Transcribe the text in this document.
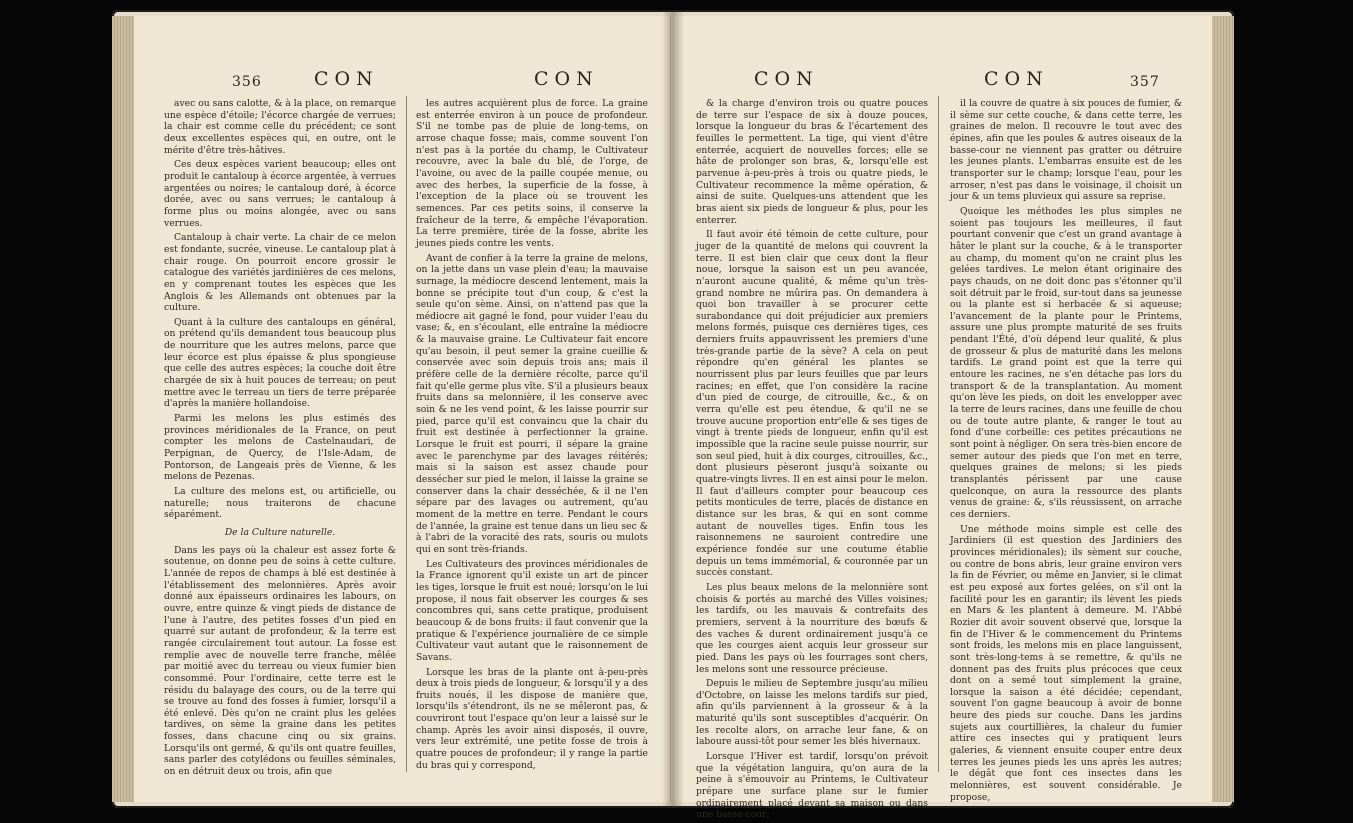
356	CON	CON

avec ou sans calotte, & à la place, on remarque une espèce d'étoile; l'écorce chargée de verrues; la chair est comme celle du précédent; ce sont deux excellentes espèces qui, en outre, ont le mérite d'être très-hâtives.

Ces deux espèces varient beaucoup; elles ont produit le cantaloup à écorce argentée, à verrues argentées ou noires; le cantaloup doré, à écorce dorée, avec ou sans verrues; le cantaloup à forme plus ou moins alongée, avec ou sans verrues.

Cantaloup à chair verte. La chair de ce melon est fondante, sucrée, vineuse. Le cantaloup plat à chair rouge. On pourroit encore grossir le catalogue des variétés jardinières de ces melons, en y comprenant toutes les espèces que les Anglois & les Allemands ont obtenues par la culture.

Quant à la culture des cantaloups en général, on prétend qu'ils demandent tous beaucoup plus de nourriture que les autres melons, parce que leur écorce est plus épaisse & plus spongieuse que celle des autres espèces; la couche doit être chargée de six à huit pouces de terreau; on peut mettre avec le terreau un tiers de terre préparée d'après la manière hollandoise.

Parmi les melons les plus estimés des provinces méridionales de la France, on peut compter les melons de Castelnaudari, de Perpignan, de Quercy, de l'Isle-Adam, de Pontorson, de Langeais près de Vienne, & les melons de Pezenas.

La culture des melons est, ou artificielle, ou naturelle; nous traiterons de chacune séparément.

De la Culture naturelle.

Dans les pays où la chaleur est assez forte & soutenue, on donne peu de soins à cette culture. L'année de repos de champs à blé est destinée à l'établissement des melonnières. Après avoir donné aux épaisseurs ordinaires les labours, on ouvre, entre quinze & vingt pieds de distance de l'une à l'autre, des petites fosses d'un pied en quarré sur autant de profondeur, & la terre est rangée circulairement tout autour. La fosse est remplie avec de nouvelle terre franche, mêlée par moitié avec du terreau ou vieux fumier bien consommé. Pour l'ordinaire, cette terre est le résidu du balayage des cours, ou de la terre qui se trouve au fond des fosses à fumier, lorsqu'il a été enlevé. Dès qu'on ne craint plus les gelées tardives, on sème la graine dans les petites fosses, dans chacune cinq ou six grains. Lorsqu'ils ont germé, & qu'ils ont quatre feuilles, sans parler des cotylédons ou feuilles séminales, on en détruit deux ou trois, afin que

les autres acquièrent plus de force. La graine est enterrée environ à un pouce de profondeur. S'il ne tombe pas de pluie de long-tems, on arrose chaque fosse; mais, comme souvent l'on n'est pas à la portée du champ, le Cultivateur recouvre, avec la bale du blé, de l'orge, de l'avoine, ou avec de la paille coupée menue, ou avec des herbes, la superficie de la fosse, à l'exception de la place où se trouvent les semences. Par ces petits soins, il conserve la fraîcheur de la terre, & empêche l'évaporation. La terre première, tirée de la fosse, abrite les jeunes pieds contre les vents.

Avant de confier à la terre la graine de melons, on la jette dans un vase plein d'eau; la mauvaise surnage, la médiocre descend lentement, mais la bonne se précipite tout d'un coup, & c'est la seule qu'on sème. Ainsi, on n'attend pas que la médiocre ait gagné le fond, pour vuider l'eau du vase; &, en s'écoulant, elle entraîne la médiocre & la mauvaise graine. Le Cultivateur fait encore qu'au besoin, il peut semer la graine cueillie & conservée avec soin depuis trois ans; mais il préfère celle de la dernière récolte, parce qu'il fait qu'elle germe plus vîte. S'il a plusieurs beaux fruits dans sa melonnière, il les conserve avec soin & ne les vend point, & les laisse pourrir sur pied, parce qu'il est convaincu que la chair du fruit est destinée à perfectionner la graine. Lorsque le fruit est pourri, il sépare la graine avec le parenchyme par des lavages réitérés; mais si la saison est assez chaude pour dessécher sur pied le melon, il laisse la graine se conserver dans la chair desséchée, & il ne l'en sépare par des lavages ou autrement, qu'au moment de la mettre en terre. Pendant le cours de l'année, la graine est tenue dans un lieu sec & à l'abri de la voracité des rats, souris ou mulots qui en sont très-friands.

Les Cultivateurs des provinces méridionales de la France ignorent qu'il existe un art de pincer les tiges, lorsque le fruit est noué; lorsqu'on le lui propose, il nous fait observer les courges & ses concombres qui, sans cette pratique, produisent beaucoup & de bons fruits: il faut convenir que la pratique & l'expérience journalière de ce simple Cultivateur vaut autant que le raisonnement de Savans.

Lorsque les bras de la plante ont à-peu-près deux à trois pieds de longueur, & lorsqu'il y a des fruits noués, il les dispose de manière que, lorsqu'ils s'étendront, ils ne se mêleront pas, & couvriront tout l'espace qu'on leur a laissé sur le champ. Après les avoir ainsi disposés, il ouvre, vers leur extrémité, une petite fosse de trois à quatre pouces de profondeur; il y range la partie du bras qui y correspond,

CON	CON	357

& la charge d'environ trois ou quatre pouces de terre sur l'espace de six à douze pouces, lorsque la longueur du bras & l'écartement des feuilles le permettent. La tige, qui vient d'être enterrée, acquiert de nouvelles forces; elle se hâte de prolonger son bras, &, lorsqu'elle est parvenue à-peu-près à trois ou quatre pieds, le Cultivateur recommence la même opération, & ainsi de suite. Quelques-uns attendent que les bras aient six pieds de longueur & plus, pour les enterrer.

Il faut avoir été témoin de cette culture, pour juger de la quantité de melons qui couvrent la terre. Il est bien clair que ceux dont la fleur noue, lorsque la saison est un peu avancée, n'auront aucune qualité, & même qu'un très-grand nombre ne mûrira pas. On demandera à quoi bon travailler à se procurer cette surabondance qui doit préjudicier aux premiers melons formés, puisque ces dernières tiges, ces derniers fruits appauvrissent les premiers d'une très-grande partie de la sève? A cela on peut répondre qu'en général les plantes se nourrissent plus par leurs feuilles que par leurs racines; en effet, que l'on considère la racine d'un pied de courge, de citrouille, &c., & on verra qu'elle est peu étendue, & qu'il ne se trouve aucune proportion entr'elle & ses tiges de vingt à trente pieds de longueur, enfin qu'il est impossible que la racine seule puisse nourrir, sur son seul pied, huit à dix courges, citrouilles, &c., dont plusieurs pèseront jusqu'à soixante ou quatre-vingts livres. Il en est ainsi pour le melon. Il faut d'ailleurs compter pour beaucoup ces petits monticules de terre, placés de distance en distance sur les bras, & qui en sont comme autant de nouvelles tiges. Enfin tous les raisonnemens ne sauroient contredire une expérience fondée sur une coutume établie depuis un tems immémorial, & couronnée par un succès constant.

Les plus beaux melons de la melonnière sont choisis & portés au marché des Villes voisines; les tardifs, ou les mauvais & contrefaits des premiers, servent à la nourriture des bœufs & des vaches & durent ordinairement jusqu'à ce que les courges aient acquis leur grosseur sur pied. Dans les pays où les fourrages sont chers, les melons sont une ressource précieuse.

Depuis le milieu de Septembre jusqu'au milieu d'Octobre, on laisse les melons tardifs sur pied, afin qu'ils parviennent à la grosseur & à la maturité qu'ils sont susceptibles d'acquérir. On les recolte alors, on arrache leur fane, & on laboure aussi-tôt pour semer les blés hivernaux.

Lorsque l'Hiver est tardif, lorsqu'on prévoit que la végétation languira, qu'on aura de la peine à s'émouvoir au Printems, le Cultivateur prépare une surface plane sur le fumier ordinairement placé devant sa maison ou dans une basse-cour;

il la couvre de quatre à six pouces de fumier, & il sème sur cette couche, & dans cette terre, les graines de melon. Il recouvre le tout avec des épines, afin que les poules & autres oiseaux de la basse-cour ne viennent pas gratter ou détruire les jeunes plants. L'embarras ensuite est de les transporter sur le champ; lorsque l'eau, pour les arroser, n'est pas dans le voisinage, il choisit un jour & un tems pluvieux qui assure sa reprise.

Quoique les méthodes les plus simples ne soient pas toujours les meilleures, il faut pourtant convenir que c'est un grand avantage à hâter le plant sur la couche, & à le transporter au champ, du moment qu'on ne craint plus les gelées tardives. Le melon étant originaire des pays chauds, on ne doit donc pas s'étonner qu'il soit détruit par le froid, sur-tout dans sa jeunesse ou la plante est si herbacée & si aqueuse; l'avancement de la plante pour le Printems, assure une plus prompte maturité de ses fruits pendant l'Été, d'où dépend leur qualité, & plus de grosseur & plus de maturité dans les melons tardifs. Le grand point est que la terre qui entoure les racines, ne s'en détache pas lors du transport & de la transplantation. Au moment qu'on lève les pieds, on doit les envelopper avec la terre de leurs racines, dans une feuille de chou ou de toute autre plante, & ranger le tout au fond d'une corbeille: ces petites précautions ne sont point à négliger. On sera très-bien encore de semer autour des pieds que l'on met en terre, quelques graines de melons; si les pieds transplantés périssent par une cause quelconque, on aura la ressource des plants venus de graine: &, s'ils réussissent, on arrache ces derniers.

Une méthode moins simple est celle des Jardiniers (il est question des Jardiniers des provinces méridionales); ils sèment sur couche, ou contre de bons abris, leur graine environ vers la fin de Février, ou même en Janvier, si le climat est peu exposé aux fortes gelées, on s'il ont la facilité pour les en garantir; ils lèvent les pieds en Mars & les plantent à demeure. M. l'Abbé Rozier dit avoir souvent observé que, lorsque la fin de l'Hiver & le commencement du Printems sont froids, les melons mis en place languissent, sont très-long-tems à se remettre, & qu'ils ne donnent pas des fruits plus précoces que ceux dont on a semé tout simplement la graine, lorsque la saison a été décidée; cependant, souvent l'on gagne beaucoup à avoir de bonne heure des pieds sur couche. Dans les jardins sujets aux courtillières, la chaleur du fumier attire ces insectes qui y pratiquent leurs galeries, & viennent ensuite couper entre deux terres les jeunes pieds les uns après les autres; le dégât que font ces insectes dans les melonnières, est souvent considérable. Je propose,
